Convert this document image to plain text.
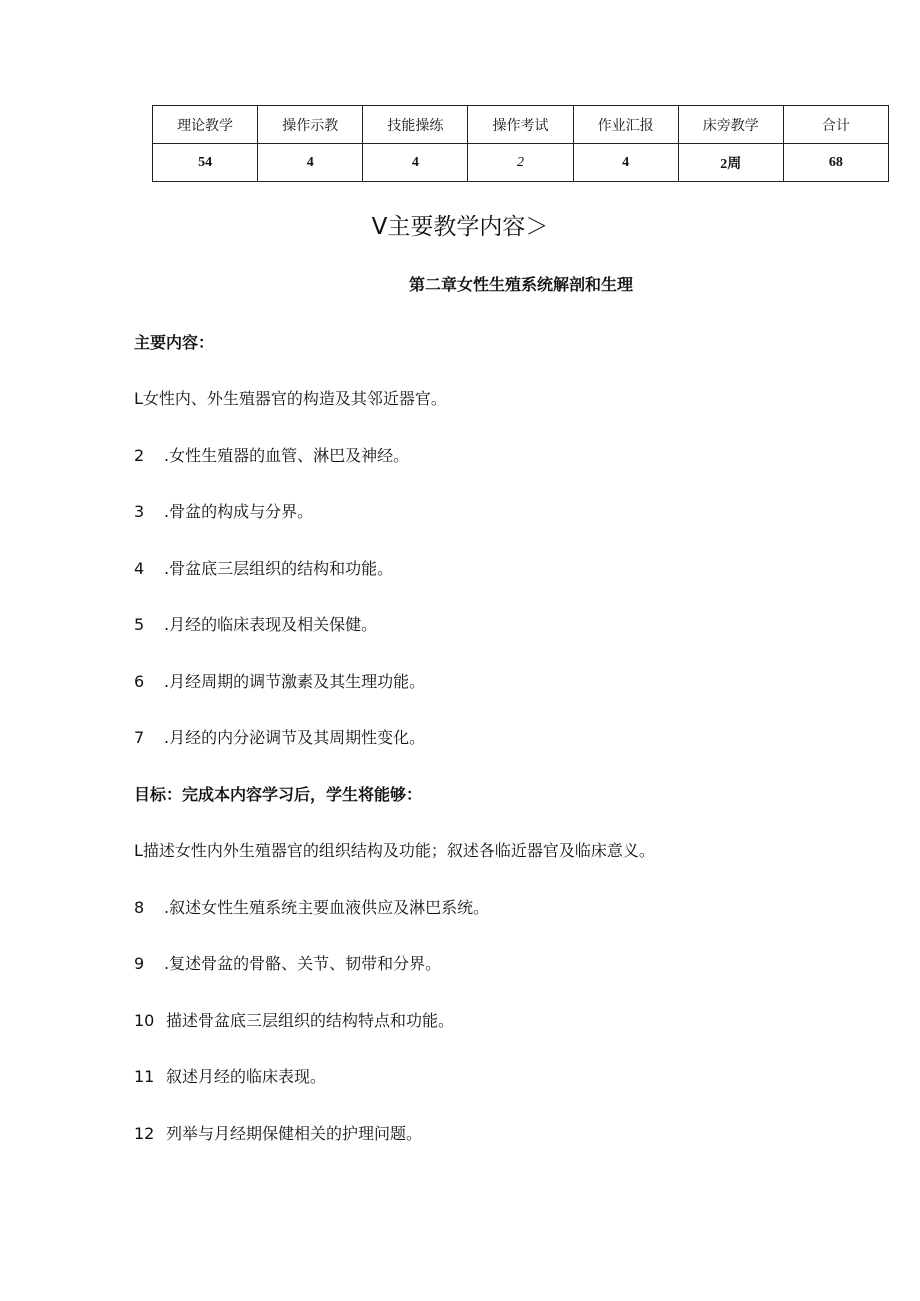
理论教学	操作示教	技能操练	操作考试	作业汇报	床旁教学	合计
54	4	4	2	4	2周	68
V主要教学内容＞
第二章女性生殖系统解剖和生理

主要内容：

L女性内、外生殖器官的构造及其邻近器官。

2 .女性生殖器的血管、淋巴及神经。

3 .骨盆的构成与分界。

4 .骨盆底三层组织的结构和功能。

5 .月经的临床表现及相关保健。

6 .月经周期的调节激素及其生理功能。

7 .月经的内分泌调节及其周期性变化。

目标：完成本内容学习后，学生将能够：

L描述女性内外生殖器官的组织结构及功能；叙述各临近器官及临床意义。

8 .叙述女性生殖系统主要血液供应及淋巴系统。

9 .复述骨盆的骨骼、关节、韧带和分界。

10 描述骨盆底三层组织的结构特点和功能。

11 叙述月经的临床表现。

12 列举与月经期保健相关的护理问题。
